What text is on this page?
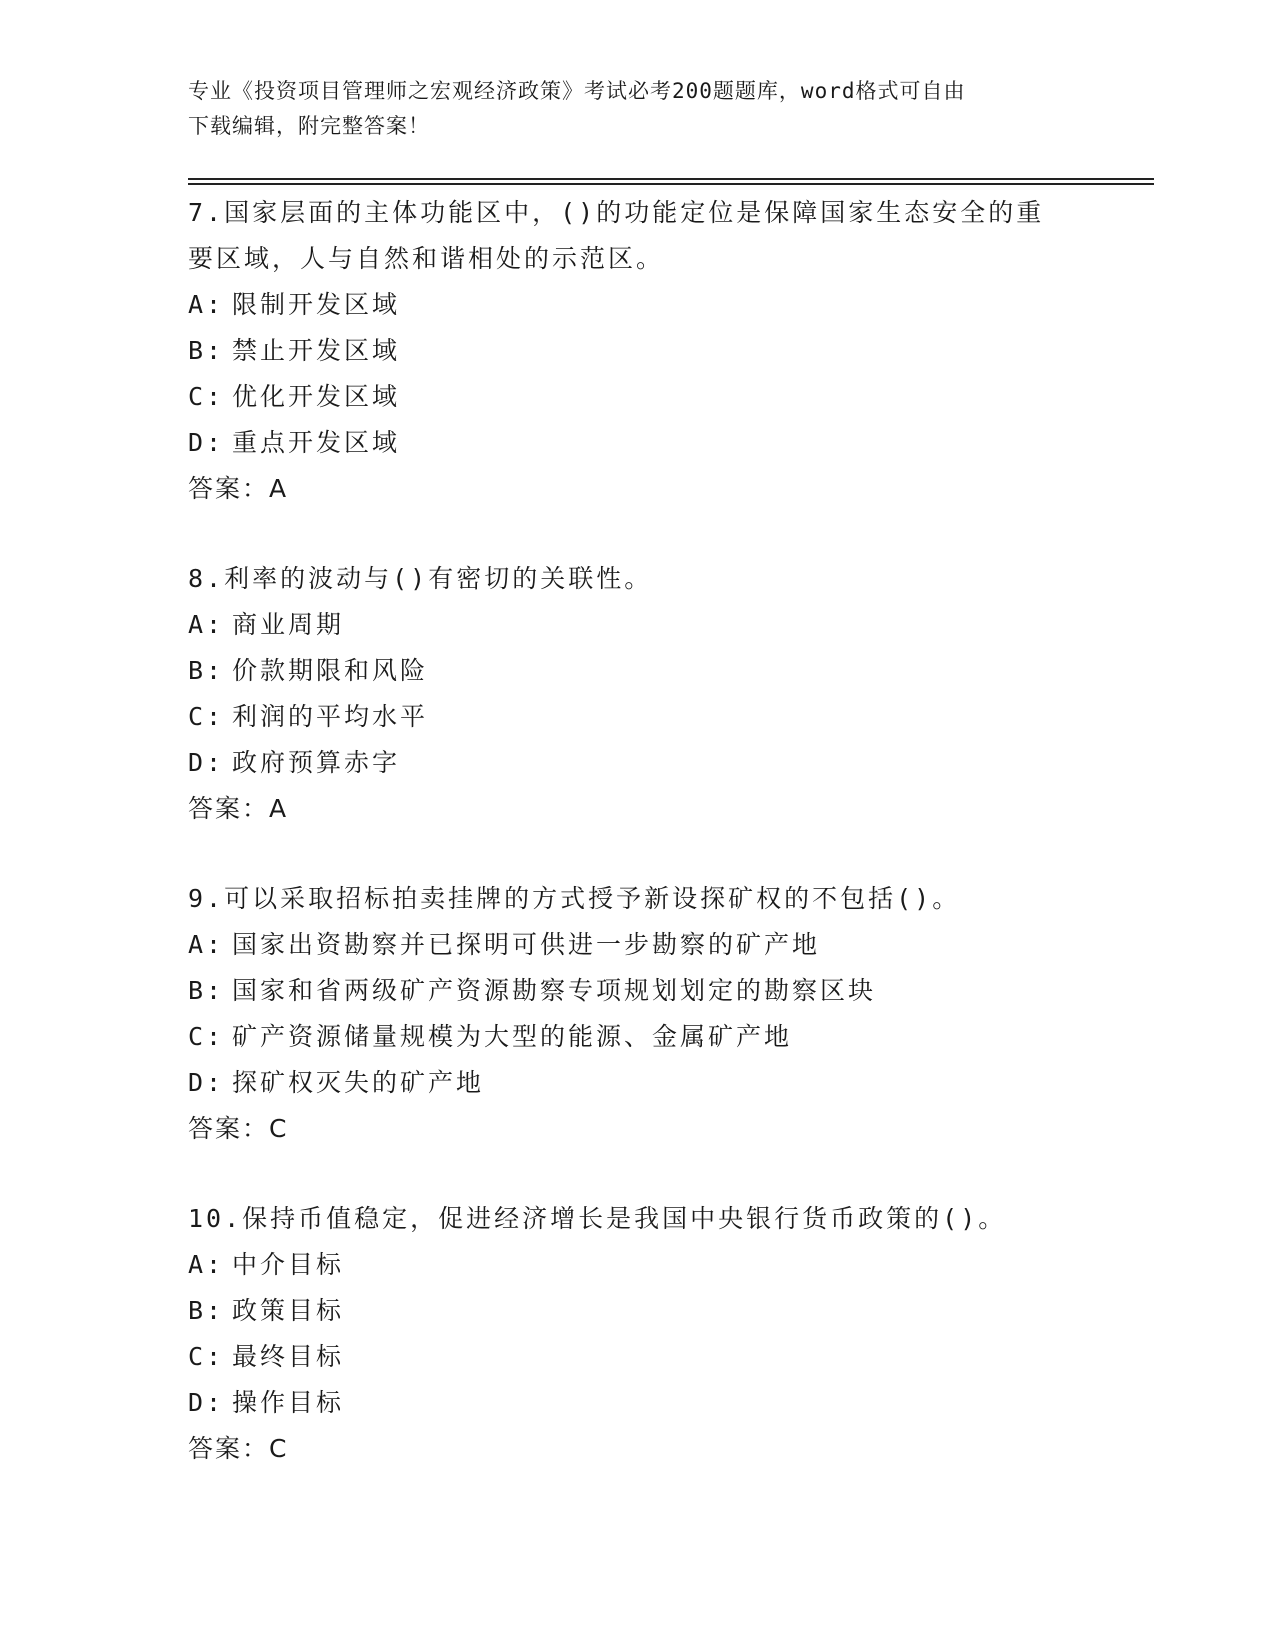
专业《投资项目管理师之宏观经济政策》考试必考200题题库，word格式可自由
下载编辑，附完整答案！
7.国家层面的主体功能区中，()的功能定位是保障国家生态安全的重
要区域，人与自然和谐相处的示范区。
A: 限制开发区域
B: 禁止开发区域
C: 优化开发区域
D: 重点开发区域
答案：A
8.利率的波动与()有密切的关联性。
A: 商业周期
B: 价款期限和风险
C: 利润的平均水平
D: 政府预算赤字
答案：A
9.可以采取招标拍卖挂牌的方式授予新设探矿权的不包括()。
A: 国家出资勘察并已探明可供进一步勘察的矿产地
B: 国家和省两级矿产资源勘察专项规划划定的勘察区块
C: 矿产资源储量规模为大型的能源、金属矿产地
D: 探矿权灭失的矿产地
答案：C
10.保持币值稳定，促进经济增长是我国中央银行货币政策的()。
A: 中介目标
B: 政策目标
C: 最终目标
D: 操作目标
答案：C
